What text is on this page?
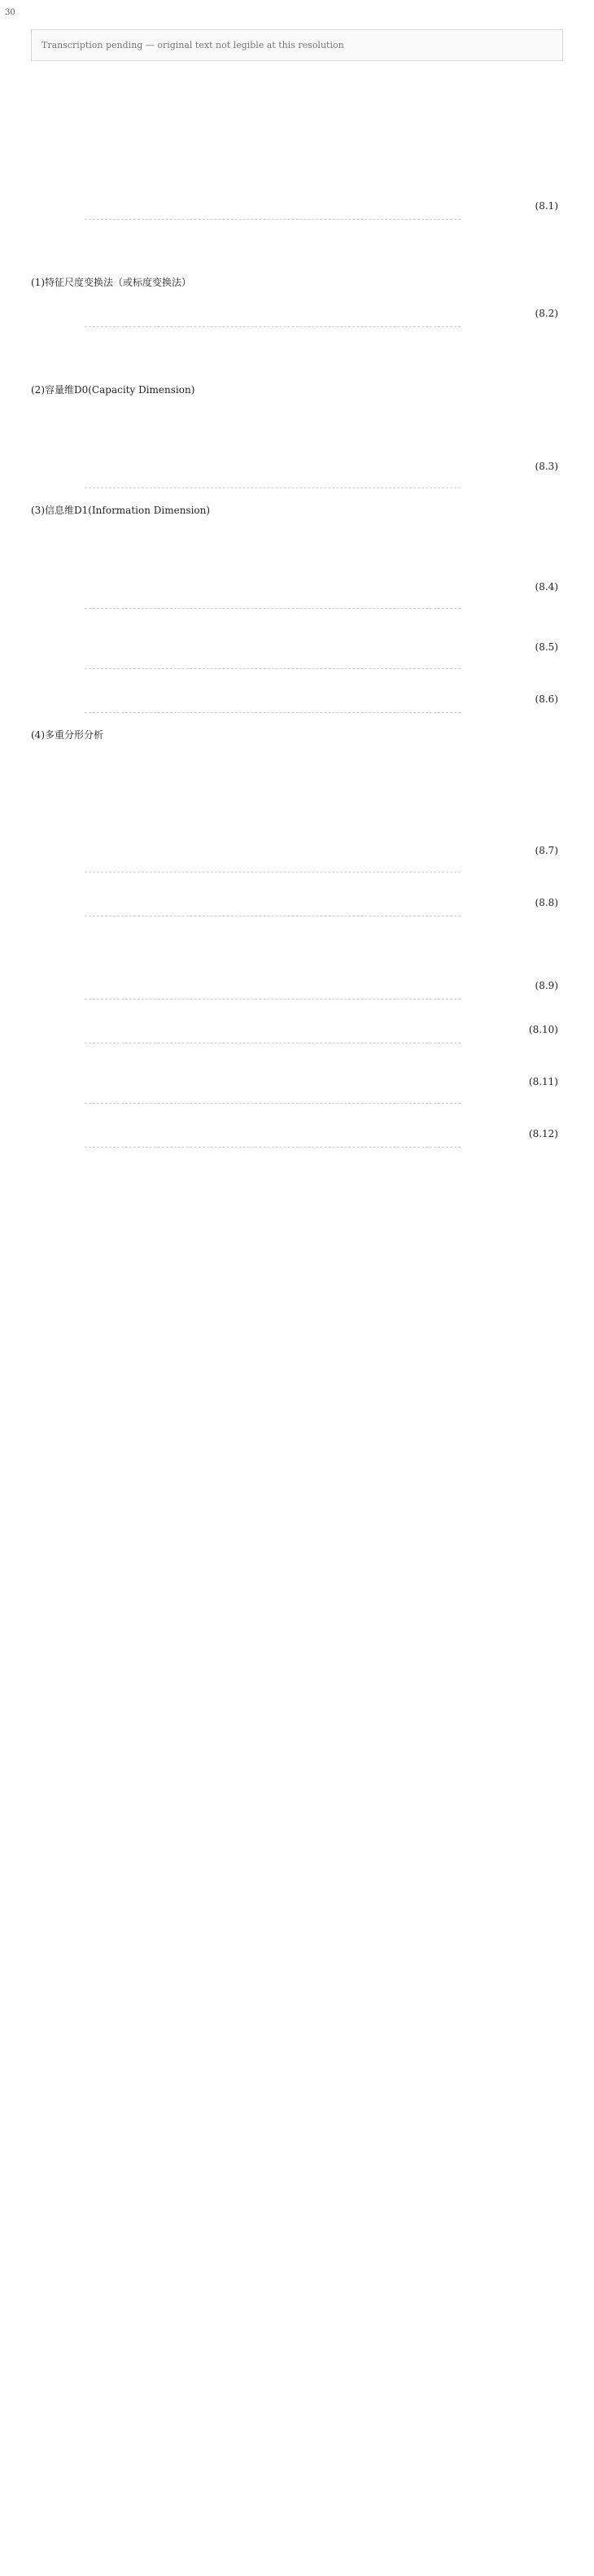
30
Transcription pending — original text not legible at this resolution

(8.1)

(1)特征尺度变换法（或标度变换法）

(8.2)

(2)容量维D0(Capacity Dimension)

(8.3)

(3)信息维D1(Information Dimension)

(8.4)

(8.5)

(8.6)

(4)多重分形分析

(8.7)

(8.8)

(8.9)

(8.10)

(8.11)

(8.12)
